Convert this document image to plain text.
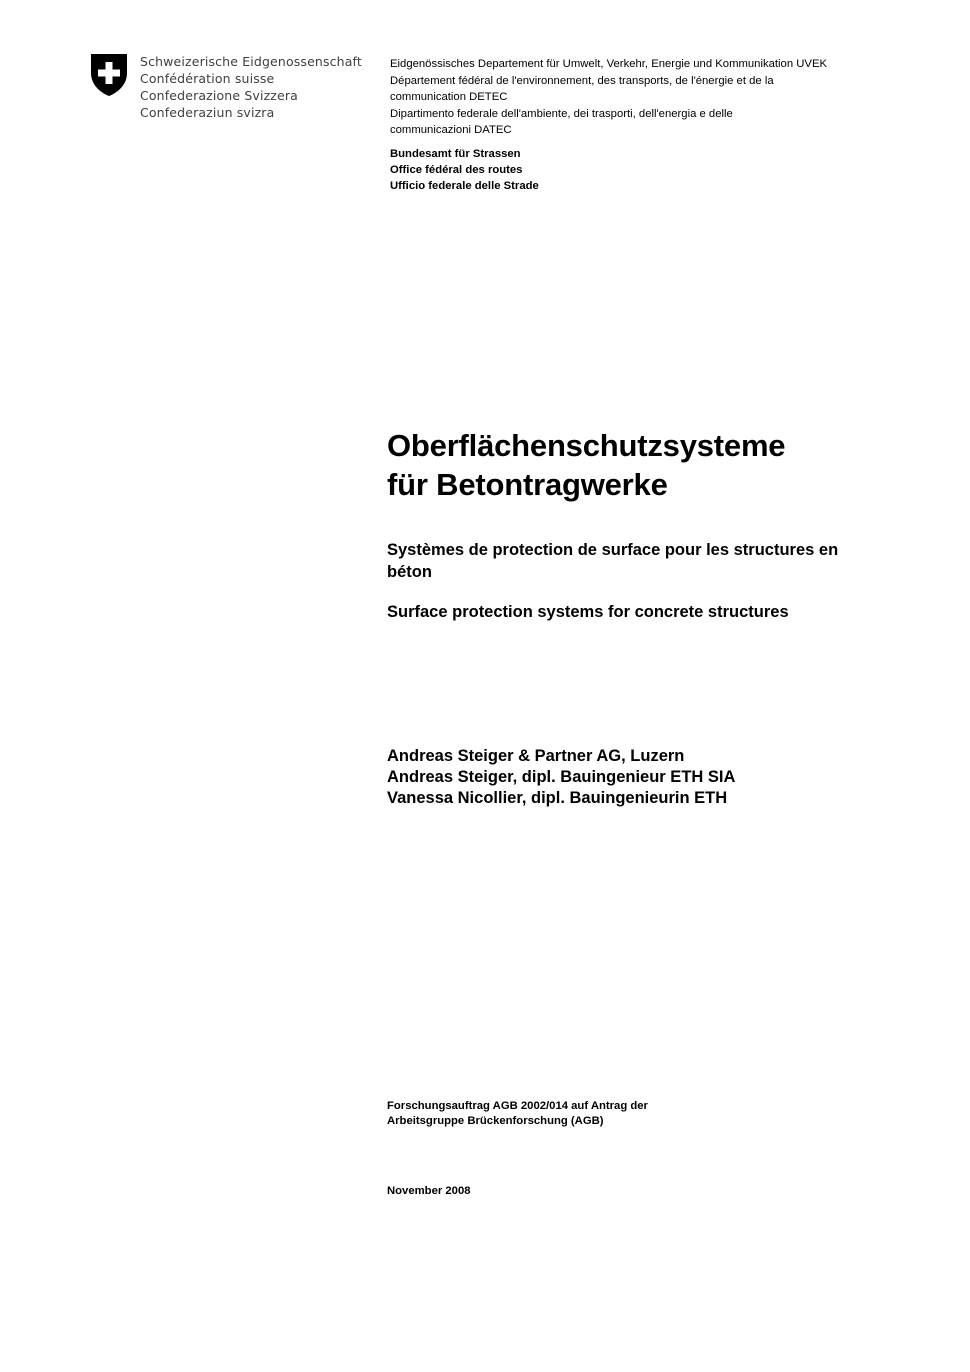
Schweizerische Eidgenossenschaft
Confédération suisse
Confederazione Svizzera
Confederaziun svizra
Eidgenössisches Departement für Umwelt, Verkehr, Energie und Kommunikation UVEK
Département fédéral de l'environnement, des transports, de l'énergie et de la
communication DETEC
Dipartimento federale dell'ambiente, dei trasporti, dell'energia e delle
communicazioni DATEC
Bundesamt für Strassen
Office fédéral des routes
Ufficio federale delle Strade
Oberflächenschutzsysteme
für Betontragwerke
Systèmes de protection de surface pour les structures en béton
Surface protection systems for concrete structures
Andreas Steiger & Partner AG, Luzern
Andreas Steiger, dipl. Bauingenieur ETH SIA
Vanessa Nicollier, dipl. Bauingenieurin ETH
Forschungsauftrag AGB 2002/014 auf Antrag der
Arbeitsgruppe Brückenforschung (AGB)
November 2008
